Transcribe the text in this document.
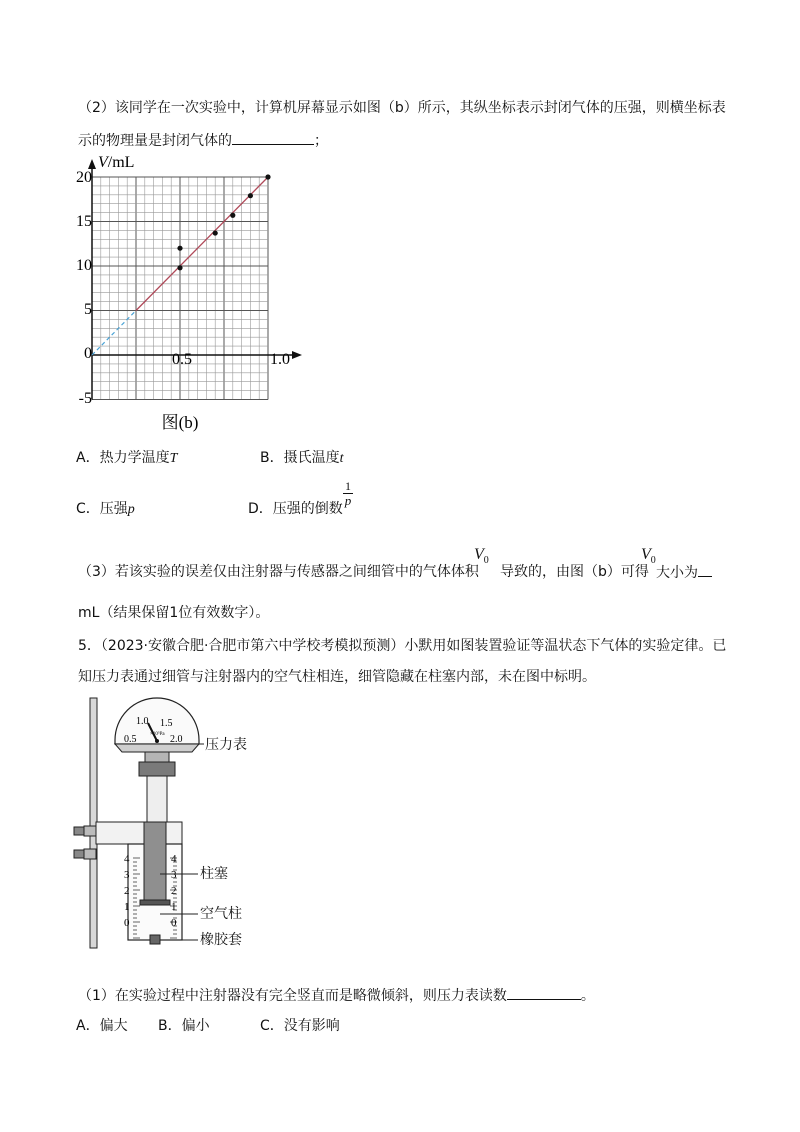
（2）该同学在一次实验中，计算机屏幕显示如图（b）所示，其纵坐标表示封闭气体的压强，则横坐标表
示的物理量是封闭气体的	；
V/mL
20
15
10
5
0
-5
0.5	1.0
图(b)
A．热力学温度T	B．摄氏温度t
C．压强p	D．压强的倒数
$\frac{1}{p}$
（3）若该实验的误差仅由注射器与传感器之间细管中的气体体积
$V_0$
导致的，由图（b）可得
$V_0$
大小为
mL（结果保留1位有效数字）。
5．（2023·安徽合肥·合肥市第六中学校考模拟预测）小默用如图装置验证等温状态下气体的实验定律。已
知压力表通过细管与注射器内的空气柱相连，细管隐藏在柱塞内部，未在图中标明。
0.5
1.0 1.5
2.0
×10⁵Pa
4
3
2
1
0
4
3
2
1
0
压力表
柱塞
空气柱
橡胶套
（1）在实验过程中注射器没有完全竖直而是略微倾斜，则压力表读数	。
A．偏大 B．偏小	C．没有影响
